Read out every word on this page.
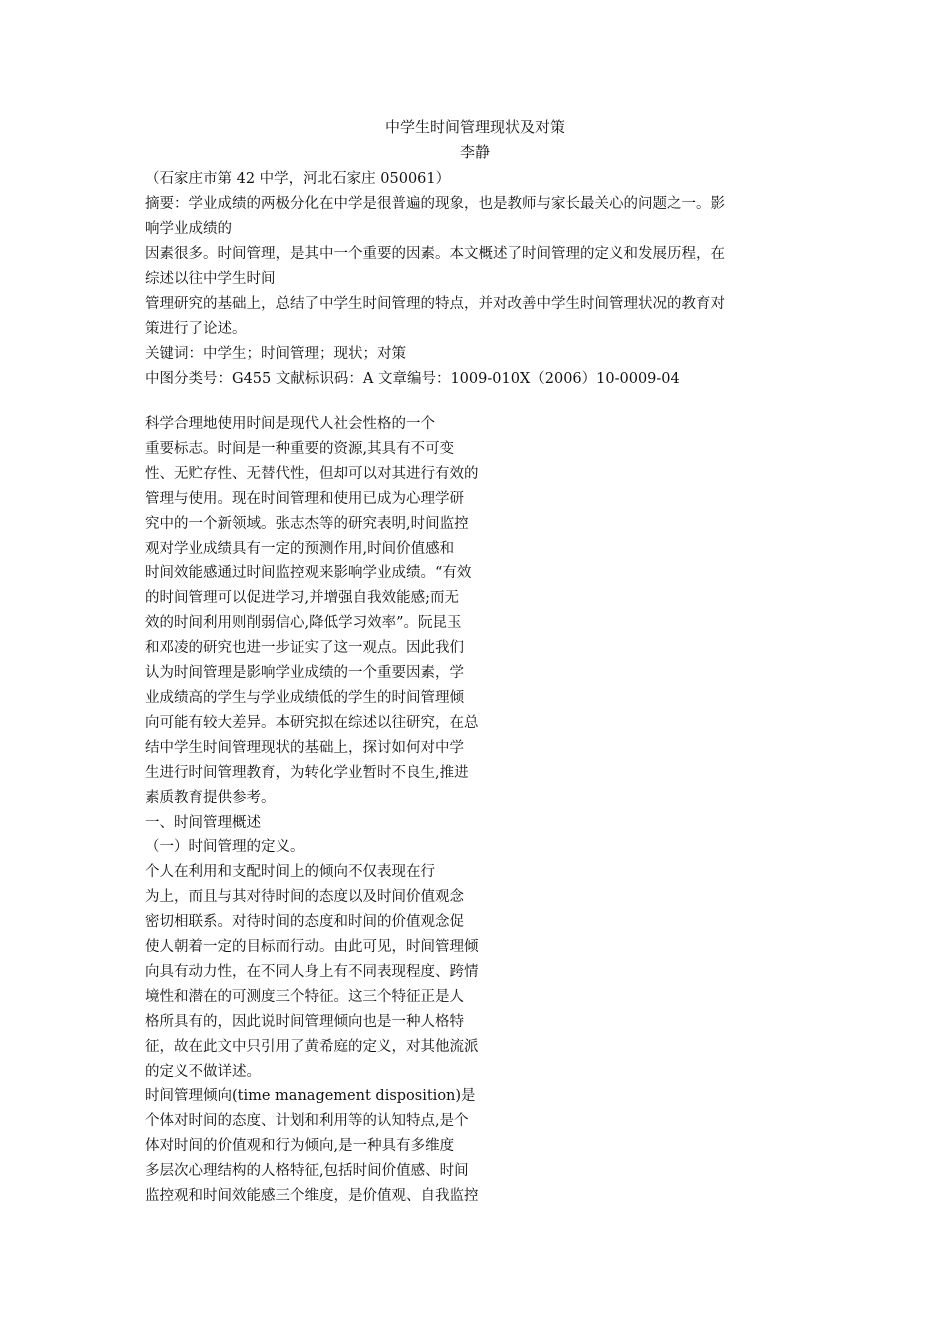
中学生时间管理现状及对策
李静
（石家庄市第 42 中学，河北石家庄 050061）
摘要：学业成绩的两极分化在中学是很普遍的现象，也是教师与家长最关心的问题之一。影
响学业成绩的
因素很多。时间管理，是其中一个重要的因素。本文概述了时间管理的定义和发展历程，在
综述以往中学生时间
管理研究的基础上，总结了中学生时间管理的特点，并对改善中学生时间管理状况的教育对
策进行了论述。
关键词：中学生；时间管理；现状；对策
中图分类号：G455 文献标识码：A 文章编号：1009-010X（2006）10-0009-04
科学合理地使用时间是现代人社会性格的一个
重要标志。时间是一种重要的资源,其具有不可变
性、无贮存性、无替代性，但却可以对其进行有效的
管理与使用。现在时间管理和使用已成为心理学研
究中的一个新领域。张志杰等的研究表明,时间监控
观对学业成绩具有一定的预测作用,时间价值感和
时间效能感通过时间监控观来影响学业成绩。“有效
的时间管理可以促进学习,并增强自我效能感;而无
效的时间利用则削弱信心,降低学习效率”。阮昆玉
和邓凌的研究也进一步证实了这一观点。因此我们
认为时间管理是影响学业成绩的一个重要因素，学
业成绩高的学生与学业成绩低的学生的时间管理倾
向可能有较大差异。本研究拟在综述以往研究，在总
结中学生时间管理现状的基础上，探讨如何对中学
生进行时间管理教育，为转化学业暂时不良生,推进
素质教育提供参考。
一、时间管理概述
（一）时间管理的定义。
个人在利用和支配时间上的倾向不仅表现在行
为上，而且与其对待时间的态度以及时间价值观念
密切相联系。对待时间的态度和时间的价值观念促
使人朝着一定的目标而行动。由此可见，时间管理倾
向具有动力性，在不同人身上有不同表现程度、跨情
境性和潜在的可测度三个特征。这三个特征正是人
格所具有的，因此说时间管理倾向也是一种人格特
征，故在此文中只引用了黄希庭的定义，对其他流派
的定义不做详述。
时间管理倾向(time management disposition)是
个体对时间的态度、计划和利用等的认知特点,是个
体对时间的价值观和行为倾向,是一种具有多维度
多层次心理结构的人格特征,包括时间价值感、时间
监控观和时间效能感三个维度，是价值观、自我监控
